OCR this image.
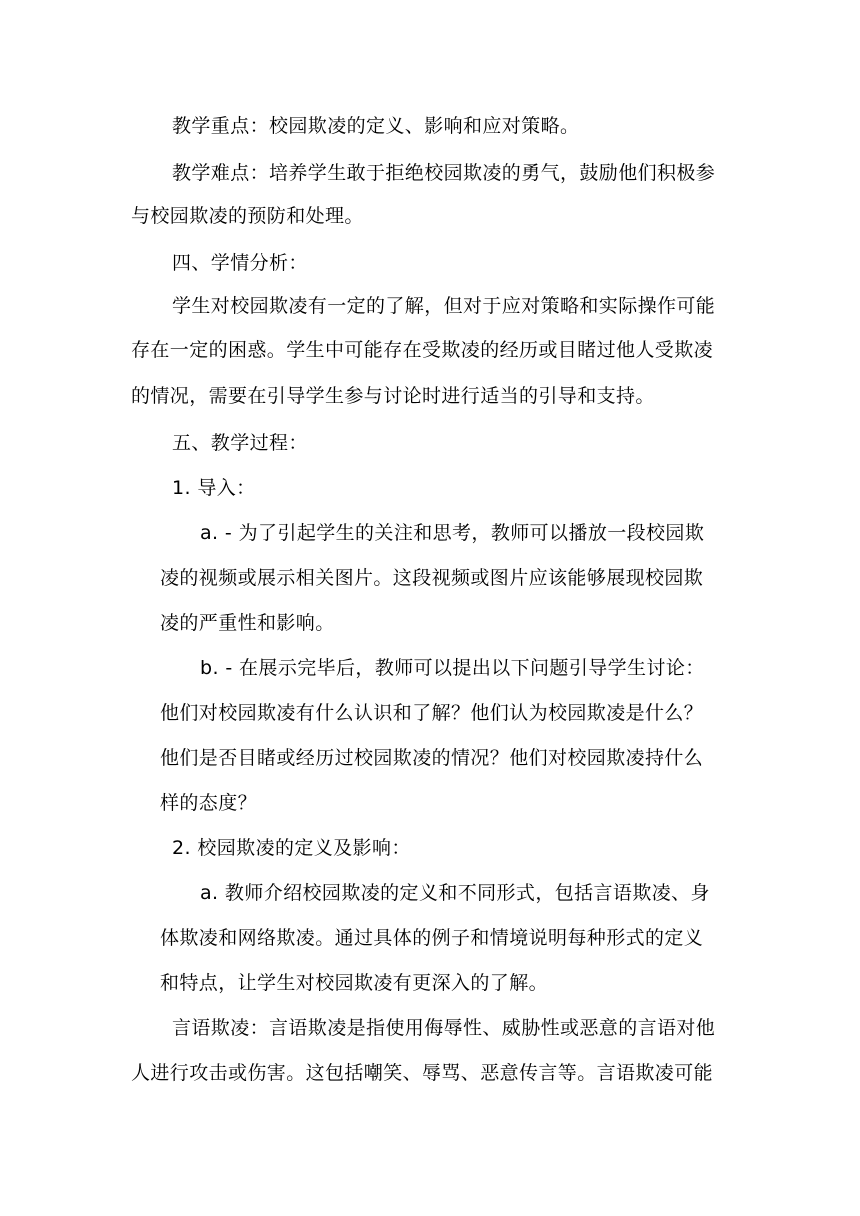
教学重点：校园欺凌的定义、影响和应对策略。
教学难点：培养学生敢于拒绝校园欺凌的勇气，鼓励他们积极参
与校园欺凌的预防和处理。
四、学情分析：
学生对校园欺凌有一定的了解，但对于应对策略和实际操作可能
存在一定的困惑。学生中可能存在受欺凌的经历或目睹过他人受欺凌
的情况，需要在引导学生参与讨论时进行适当的引导和支持。
五、教学过程：
1. 导入：
a. - 为了引起学生的关注和思考，教师可以播放一段校园欺
凌的视频或展示相关图片。这段视频或图片应该能够展现校园欺
凌的严重性和影响。
b. - 在展示完毕后，教师可以提出以下问题引导学生讨论：
他们对校园欺凌有什么认识和了解？他们认为校园欺凌是什么？
他们是否目睹或经历过校园欺凌的情况？他们对校园欺凌持什么
样的态度？
2. 校园欺凌的定义及影响：
a. 教师介绍校园欺凌的定义和不同形式，包括言语欺凌、身
体欺凌和网络欺凌。通过具体的例子和情境说明每种形式的定义
和特点，让学生对校园欺凌有更深入的了解。
言语欺凌：言语欺凌是指使用侮辱性、威胁性或恶意的言语对他
人进行攻击或伤害。这包括嘲笑、辱骂、恶意传言等。言语欺凌可能
